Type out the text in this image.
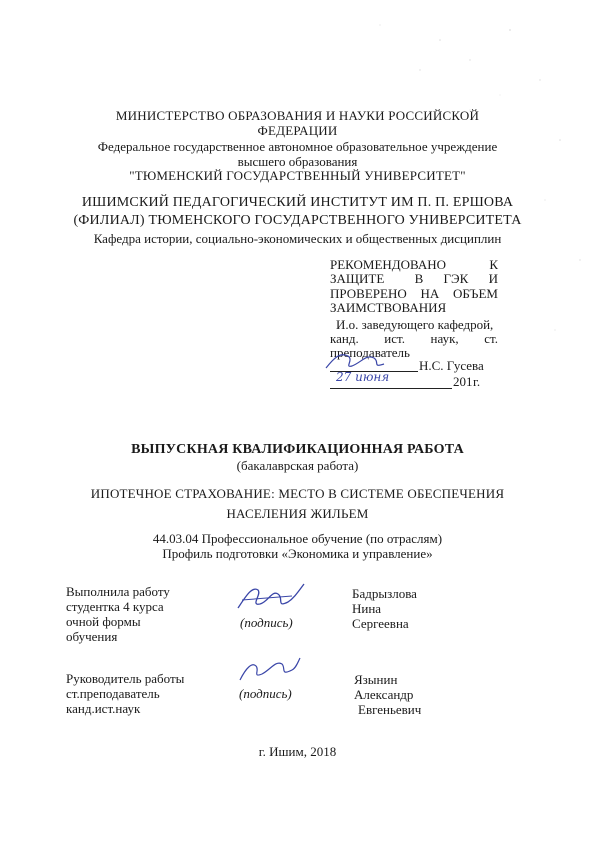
МИНИСТЕРСТВО ОБРАЗОВАНИЯ И НАУКИ РОССИЙСКОЙ
ФЕДЕРАЦИИ
Федеральное государственное автономное образовательное учреждение
высшего образования
"ТЮМЕНСКИЙ ГОСУДАРСТВЕННЫЙ УНИВЕРСИТЕТ"
ИШИМСКИЙ ПЕДАГОГИЧЕСКИЙ ИНСТИТУТ ИМ П. П. ЕРШОВА
(ФИЛИАЛ) ТЮМЕНСКОГО ГОСУДАРСТВЕННОГО УНИВЕРСИТЕТА
Кафедра истории, социально-экономических и общественных дисциплин
РЕКОМЕНДОВАНО	К
ЗАЩИТЕ В ГЭК И
ПРОВЕРЕНО НА ОБЪЕМ
ЗАИМСТВОВАНИЯ
И.о. заведующего кафедрой,
канд. ист. наук, ст.
преподаватель
Н.С. Гусева
27 июня	201 г.
ВЫПУСКНАЯ КВАЛИФИКАЦИОННАЯ РАБОТА
(бакалаврская работа)
ИПОТЕЧНОЕ СТРАХОВАНИЕ: МЕСТО В СИСТЕМЕ ОБЕСПЕЧЕНИЯ
НАСЕЛЕНИЯ ЖИЛЬЕМ
44.03.04 Профессиональное обучение (по отраслям)
Профиль подготовки «Экономика и управление»
Выполнила работу
студентка 4 курса
очной формы
обучения
(подпись)
Бадрызлова
Нина
Сергеевна
Руководитель работы
ст.преподаватель
канд.ист.наук
(подпись)
Язынин
Александр
Евгеньевич
г. Ишим, 2018
